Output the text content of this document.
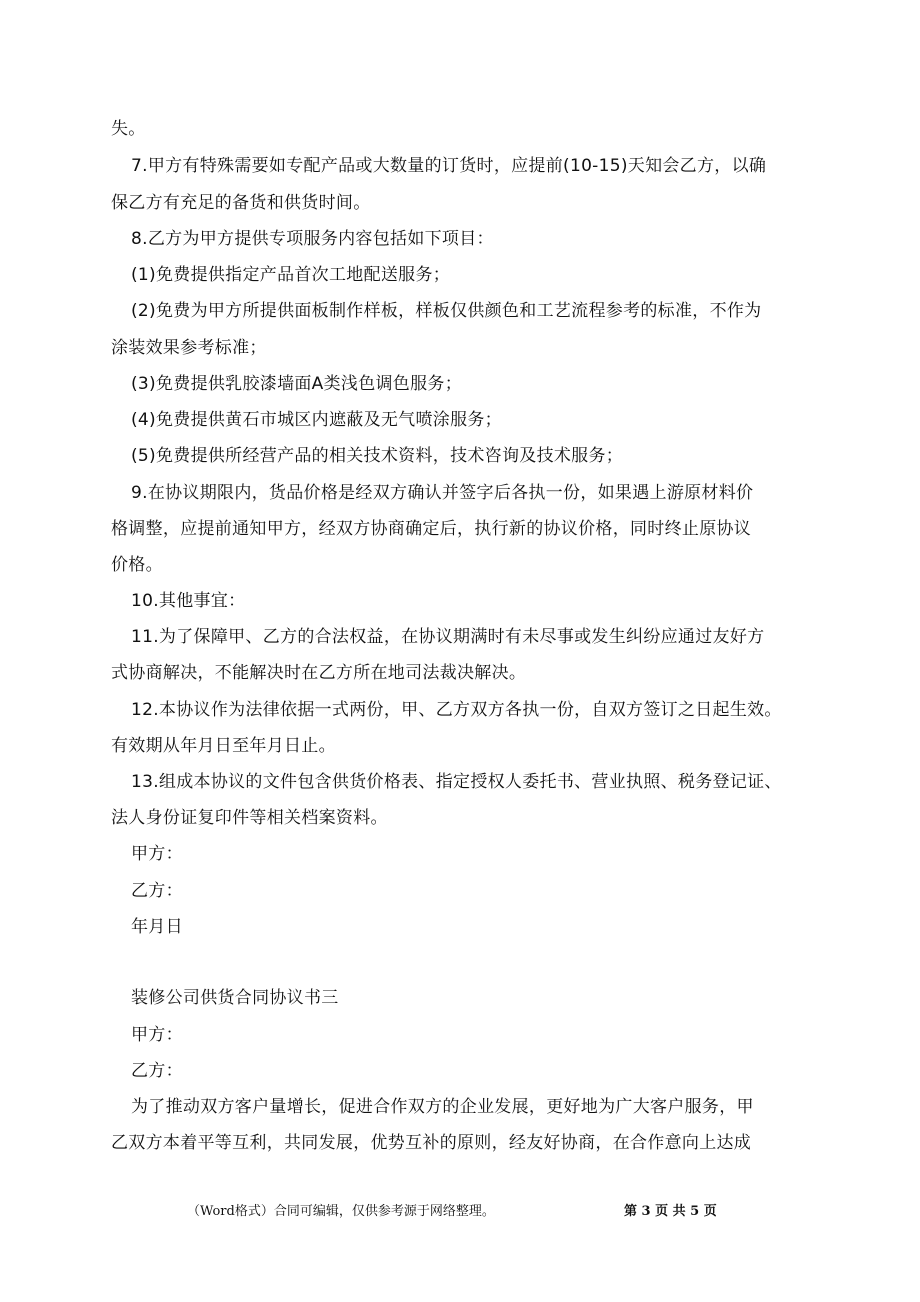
失。
7.甲方有特殊需要如专配产品或大数量的订货时，应提前(10-15)天知会乙方，以确
保乙方有充足的备货和供货时间。
8.乙方为甲方提供专项服务内容包括如下项目：
(1)免费提供指定产品首次工地配送服务；
(2)免费为甲方所提供面板制作样板，样板仅供颜色和工艺流程参考的标准，不作为
涂装效果参考标准；
(3)免费提供乳胶漆墙面A类浅色调色服务；
(4)免费提供黄石市城区内遮蔽及无气喷涂服务；
(5)免费提供所经营产品的相关技术资料，技术咨询及技术服务；
9.在协议期限内，货品价格是经双方确认并签字后各执一份，如果遇上游原材料价
格调整，应提前通知甲方，经双方协商确定后，执行新的协议价格，同时终止原协议
价格。
10.其他事宜：
11.为了保障甲、乙方的合法权益，在协议期满时有未尽事或发生纠纷应通过友好方
式协商解决，不能解决时在乙方所在地司法裁决解决。
12.本协议作为法律依据一式两份，甲、乙方双方各执一份，自双方签订之日起生效。
有效期从年月日至年月日止。
13.组成本协议的文件包含供货价格表、指定授权人委托书、营业执照、税务登记证、
法人身份证复印件等相关档案资料。
甲方：
乙方：
年月日
装修公司供货合同协议书三
甲方：
乙方：
为了推动双方客户量增长，促进合作双方的企业发展，更好地为广大客户服务，甲
乙双方本着平等互利，共同发展，优势互补的原则，经友好协商，在合作意向上达成
（Word格式）合同可编辑，仅供参考源于网络整理。	第 3 页 共 5 页
